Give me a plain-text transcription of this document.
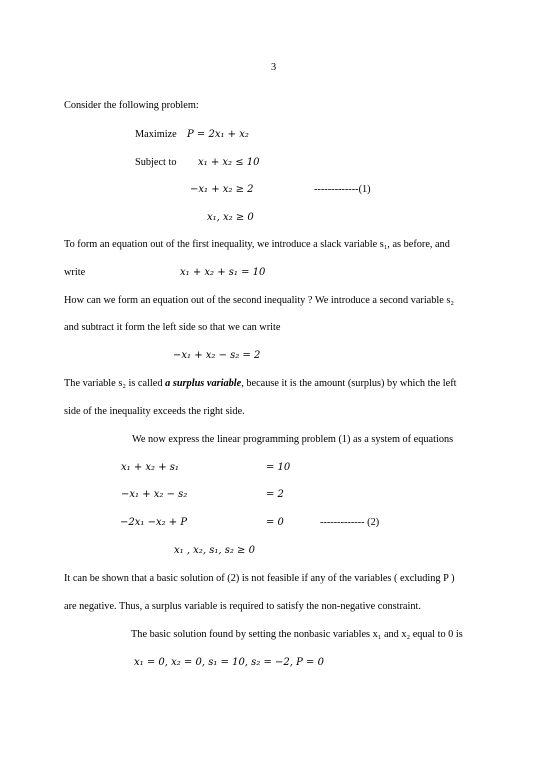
3
Consider the following problem:
Maximize P = 2x₁ + x₂
Subject to x₁ + x₂ ≤ 10
−x₁ + x₂ ≥ 2	-------------(1)
x₁, x₂ ≥ 0
To form an equation out of the first inequality, we introduce a slack variable s₁, as before, and
write	x₁ + x₂ + s₁ = 10
How can we form an equation out of the second inequality ? We introduce a second variable s₂
and subtract it form the left side so that we can write
−x₁ + x₂ − s₂ = 2
The variable s₂ is called a surplus variable, because it is the amount (surplus) by which the left
side of the inequality exceeds the right side.
We now express the linear programming problem (1) as a system of equations
x₁ + x₂ + s₁	= 10
−x₁ + x₂ − s₂	= 2
−2x₁ −x₂ + P	= 0	------------- (2)
x₁ , x₂, s₁, s₂ ≥ 0
It can be shown that a basic solution of (2) is not feasible if any of the variables ( excluding P )
are negative. Thus, a surplus variable is required to satisfy the non-negative constraint.
The basic solution found by setting the nonbasic variables x₁ and x₂ equal to 0 is
x₁ = 0, x₂ = 0, s₁ = 10, s₂ = −2, P = 0
